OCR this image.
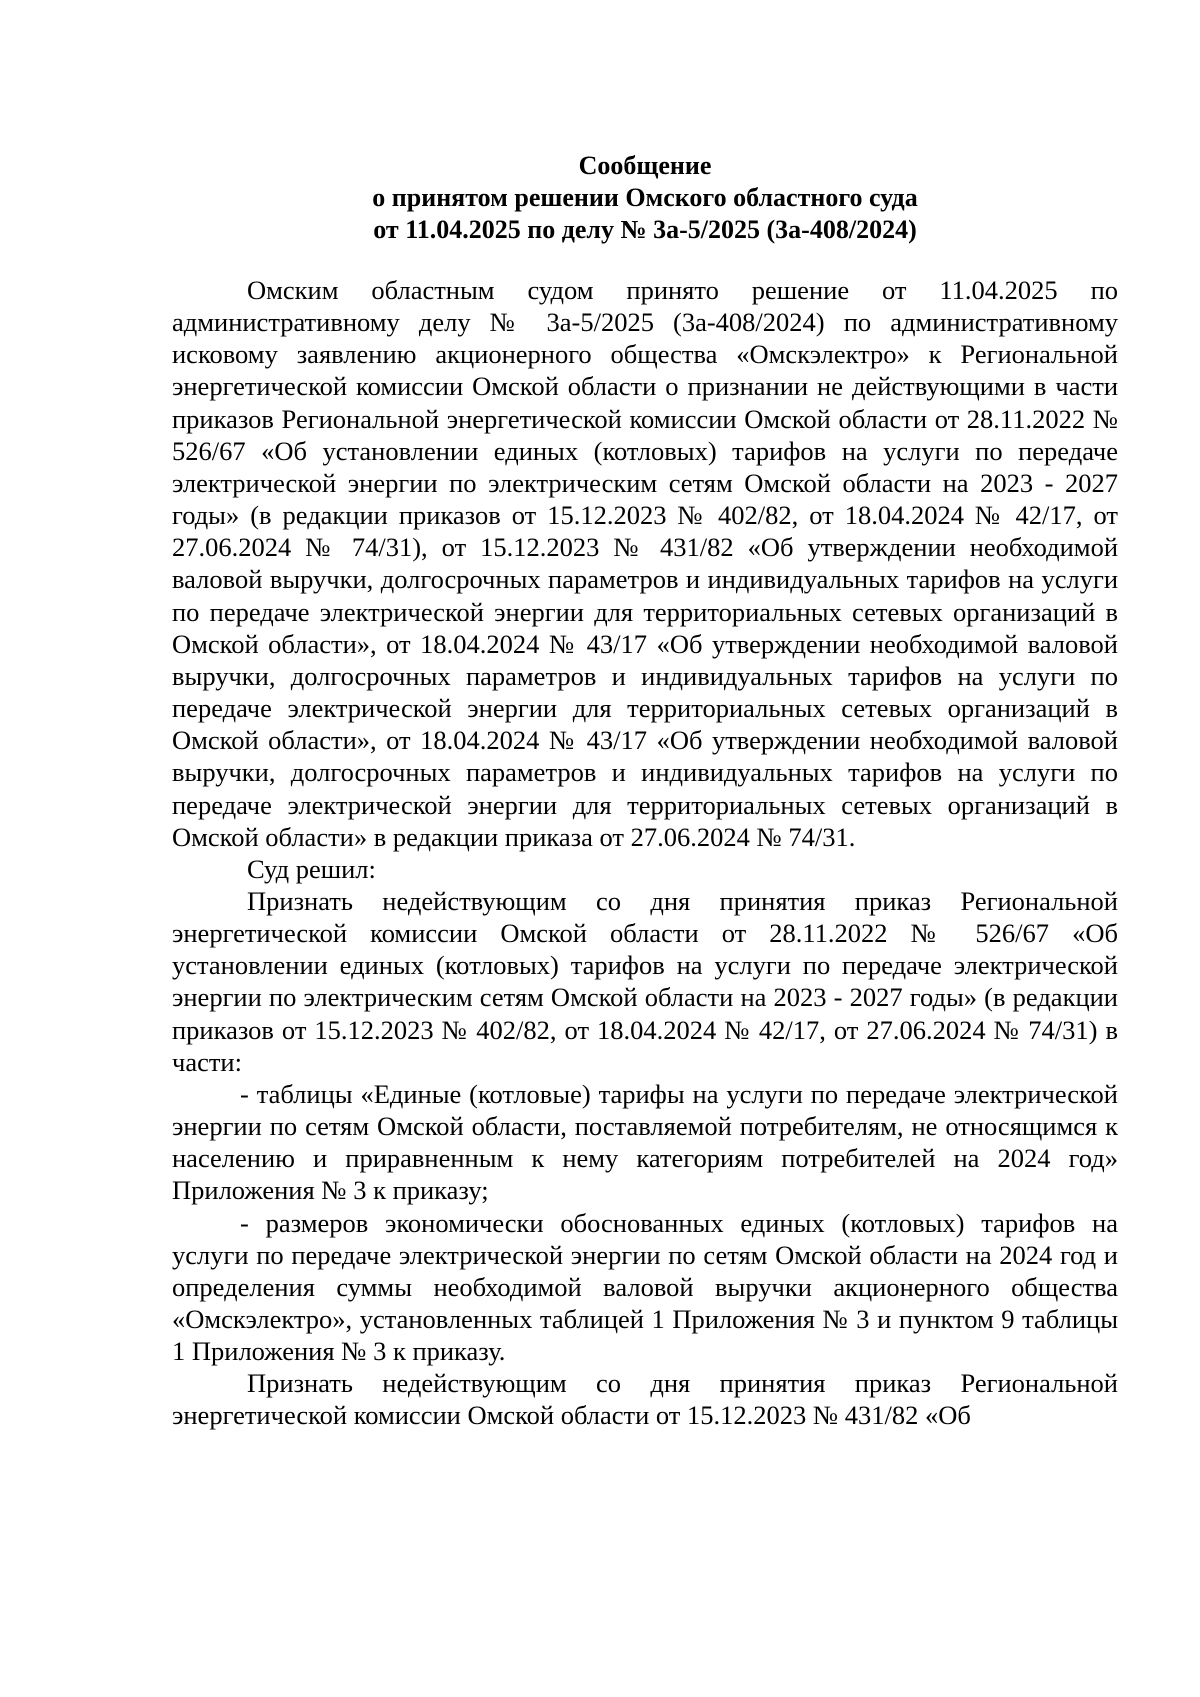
Сообщение
о принятом решении Омского областного суда
от 11.04.2025 по делу № 3а-5/2025 (3а-408/2024)

Омским областным судом принято решение от 11.04.2025 по административному делу № 3а-5/2025 (3а-408/2024) по административному исковому заявлению акционерного общества «Омскэлектро» к Региональной энергетической комиссии Омской области о признании не действующими в части приказов Региональной энергетической комиссии Омской области от 28.11.2022 № 526/67 «Об установлении единых (котловых) тарифов на услуги по передаче электрической энергии по электрическим сетям Омской области на 2023 - 2027 годы» (в редакции приказов от 15.12.2023 № 402/82, от 18.04.2024 № 42/17, от 27.06.2024 № 74/31), от 15.12.2023 № 431/82 «Об утверждении необходимой валовой выручки, долгосрочных параметров и индивидуальных тарифов на услуги по передаче электрической энергии для территориальных сетевых организаций в Омской области», от 18.04.2024 № 43/17 «Об утверждении необходимой валовой выручки, долгосрочных параметров и индивидуальных тарифов на услуги по передаче электрической энергии для территориальных сетевых организаций в Омской области», от 18.04.2024 № 43/17 «Об утверждении необходимой валовой выручки, долгосрочных параметров и индивидуальных тарифов на услуги по передаче электрической энергии для территориальных сетевых организаций в Омской области» в редакции приказа от 27.06.2024 № 74/31.

Суд решил:

Признать недействующим со дня принятия приказ Региональной энергетической комиссии Омской области от 28.11.2022 № 526/67 «Об установлении единых (котловых) тарифов на услуги по передаче электрической энергии по электрическим сетям Омской области на 2023 - 2027 годы» (в редакции приказов от 15.12.2023 № 402/82, от 18.04.2024 № 42/17, от 27.06.2024 № 74/31) в части:

- таблицы «Единые (котловые) тарифы на услуги по передаче электрической энергии по сетям Омской области, поставляемой потребителям, не относящимся к населению и приравненным к нему категориям потребителей на 2024 год» Приложения № 3 к приказу;

- размеров экономически обоснованных единых (котловых) тарифов на услуги по передаче электрической энергии по сетям Омской области на 2024 год и определения суммы необходимой валовой выручки акционерного общества «Омскэлектро», установленных таблицей 1 Приложения № 3 и пунктом 9 таблицы 1 Приложения № 3 к приказу.

Признать недействующим со дня принятия приказ Региональной энергетической комиссии Омской области от 15.12.2023 № 431/82 «Об
